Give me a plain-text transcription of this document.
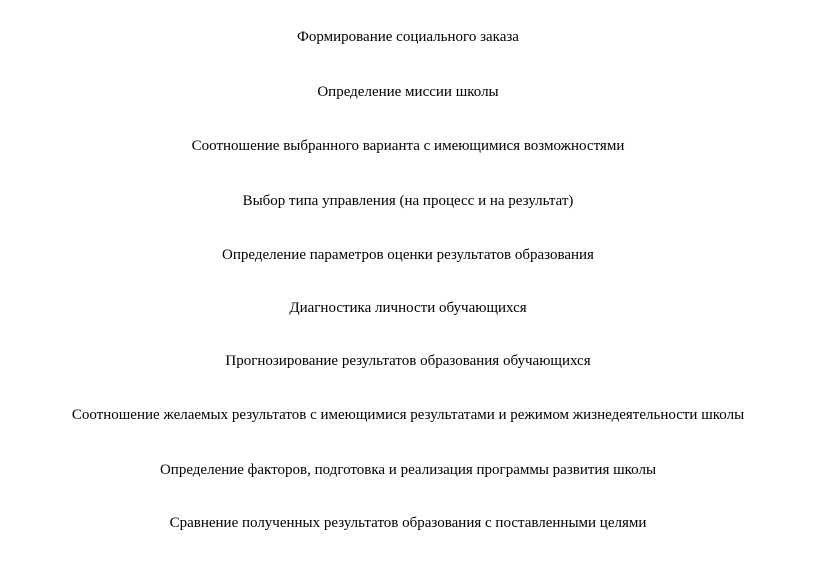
Формирование социального заказа
Определение миссии школы
Соотношение выбранного варианта с имеющимися возможностями
Выбор типа управления (на процесс и на результат)
Определение параметров оценки результатов образования
Диагностика личности обучающихся
Прогнозирование результатов образования обучающихся
Соотношение желаемых результатов с имеющимися результатами и режимом жизнедеятельности школы
Определение факторов, подготовка и реализация программы развития школы
Сравнение полученных результатов образования с поставленными целями
